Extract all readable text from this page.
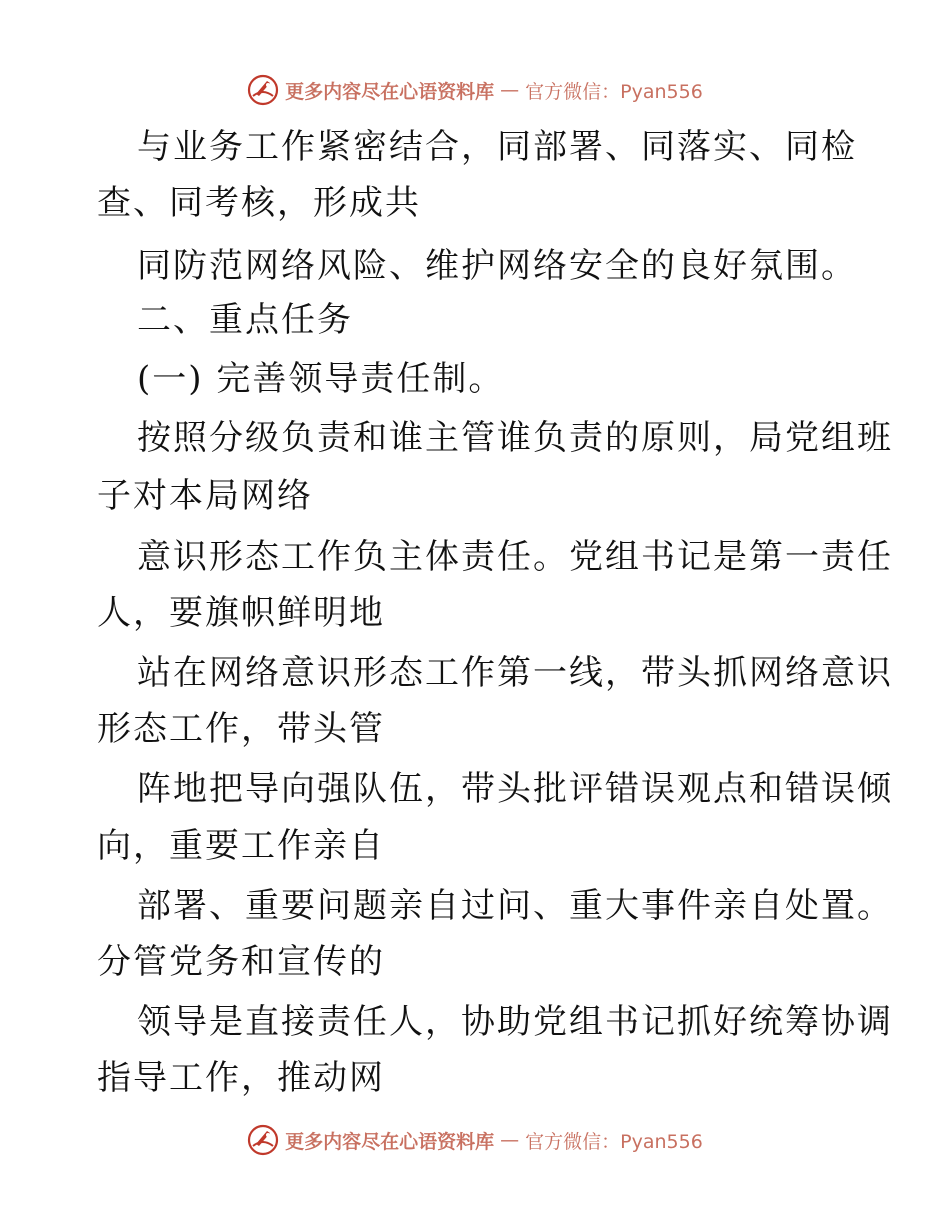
更多内容尽在心语资料库 — 官方微信：Pyan556
与业务工作紧密结合，同部署、同落实、同检
查、同考核，形成共
同防范网络风险、维护网络安全的良好氛围。
二、重点任务
(一) 完善领导责任制。
按照分级负责和谁主管谁负责的原则，局党组班
子对本局网络
意识形态工作负主体责任。党组书记是第一责任
人，要旗帜鲜明地
站在网络意识形态工作第一线，带头抓网络意识
形态工作，带头管
阵地把导向强队伍，带头批评错误观点和错误倾
向，重要工作亲自
部署、重要问题亲自过问、重大事件亲自处置。
分管党务和宣传的
领导是直接责任人，协助党组书记抓好统筹协调
指导工作，推动网
更多内容尽在心语资料库 — 官方微信：Pyan556
